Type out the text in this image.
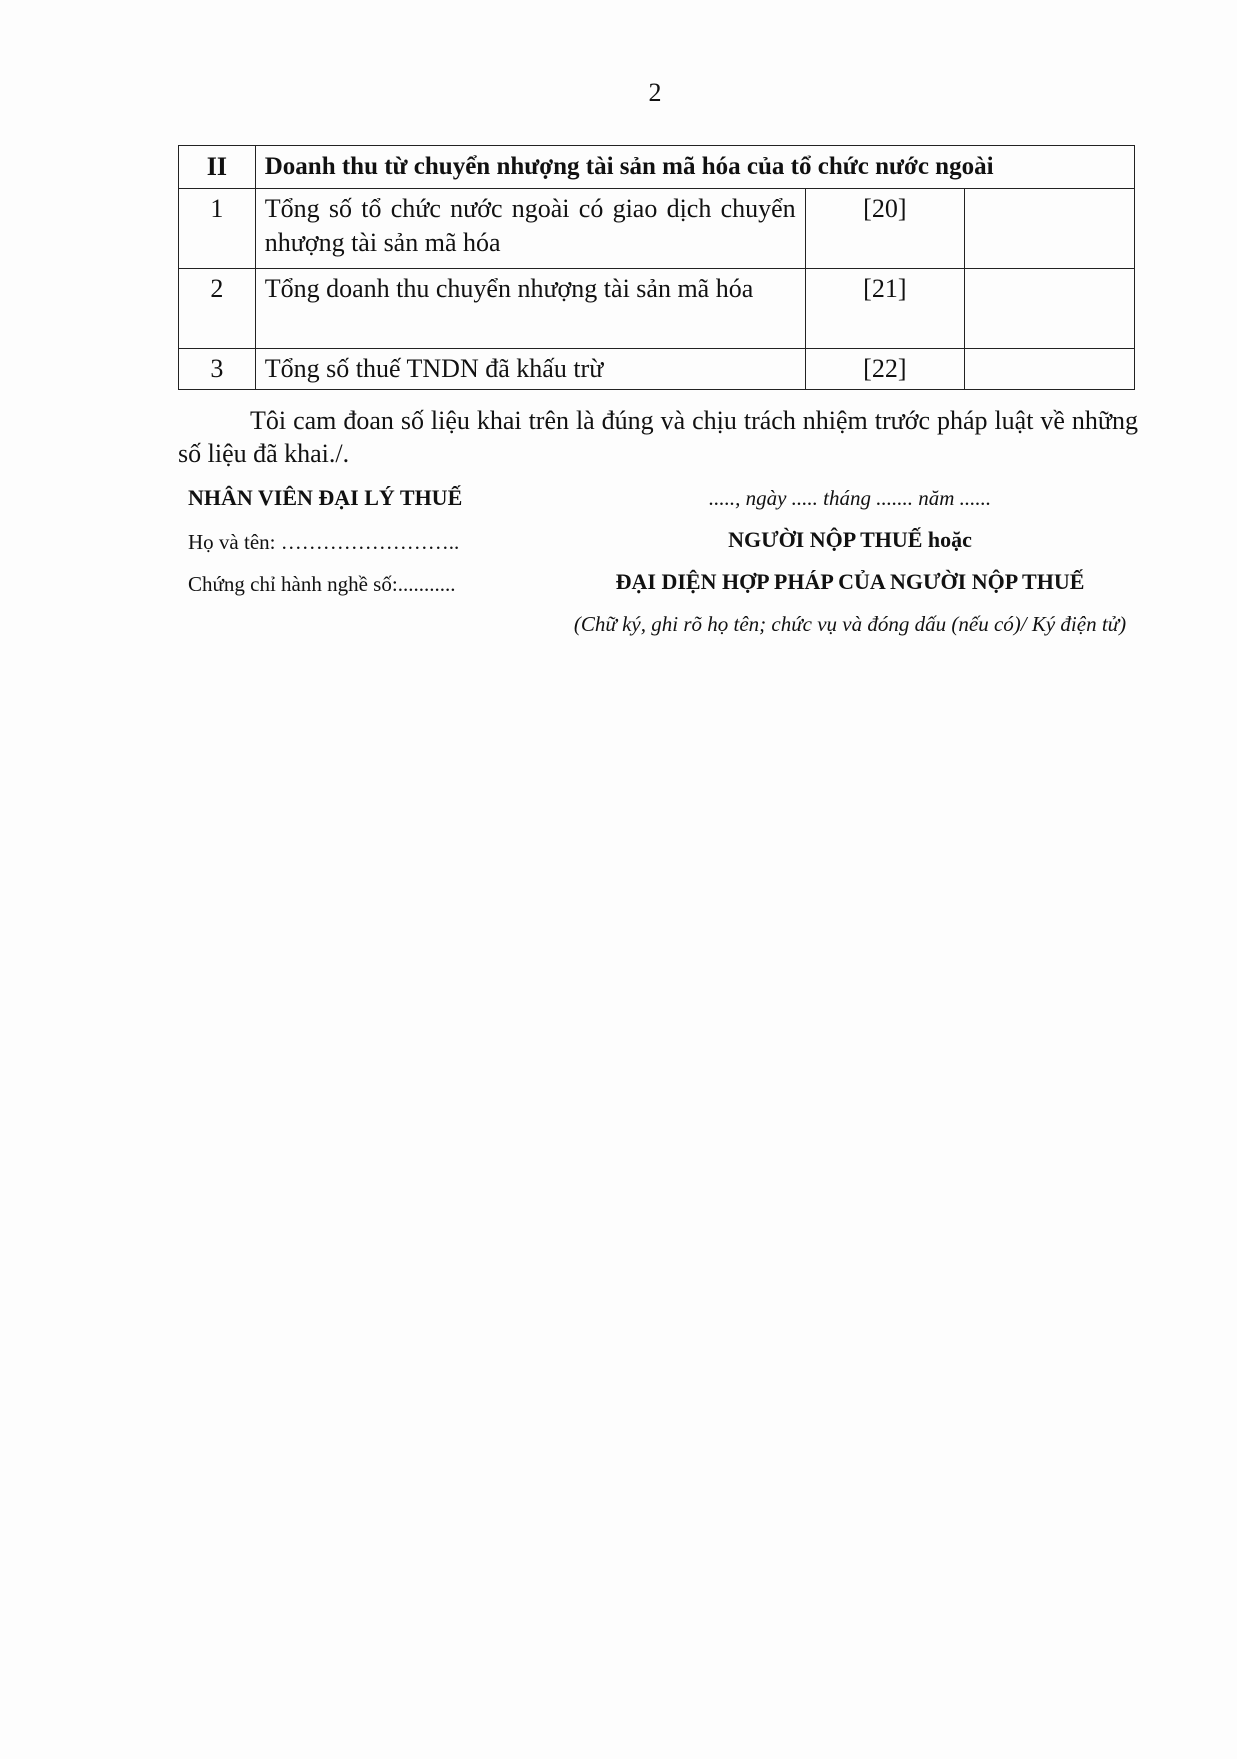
2
II	Doanh thu từ chuyển nhượng tài sản mã hóa của tổ chức nước ngoài		
1	Tổng số tổ chức nước ngoài có giao dịch chuyển nhượng tài sản mã hóa	[20]	
2	Tổng doanh thu chuyển nhượng tài sản mã hóa	[21]	
3	Tổng số thuế TNDN đã khấu trừ	[22]	

Tôi cam đoan số liệu khai trên là đúng và chịu trách nhiệm trước pháp luật về những số liệu đã khai./.

NHÂN VIÊN ĐẠI LÝ THUẾ
Họ và tên: ……………………..
Chứng chỉ hành nghề số:...........
....., ngày ..... tháng ....... năm ......
NGƯỜI NỘP THUẾ hoặc
ĐẠI DIỆN HỢP PHÁP CỦA NGƯỜI NỘP THUẾ

(Chữ ký, ghi rõ họ tên; chức vụ và đóng dấu (nếu có)/ Ký điện tử)
